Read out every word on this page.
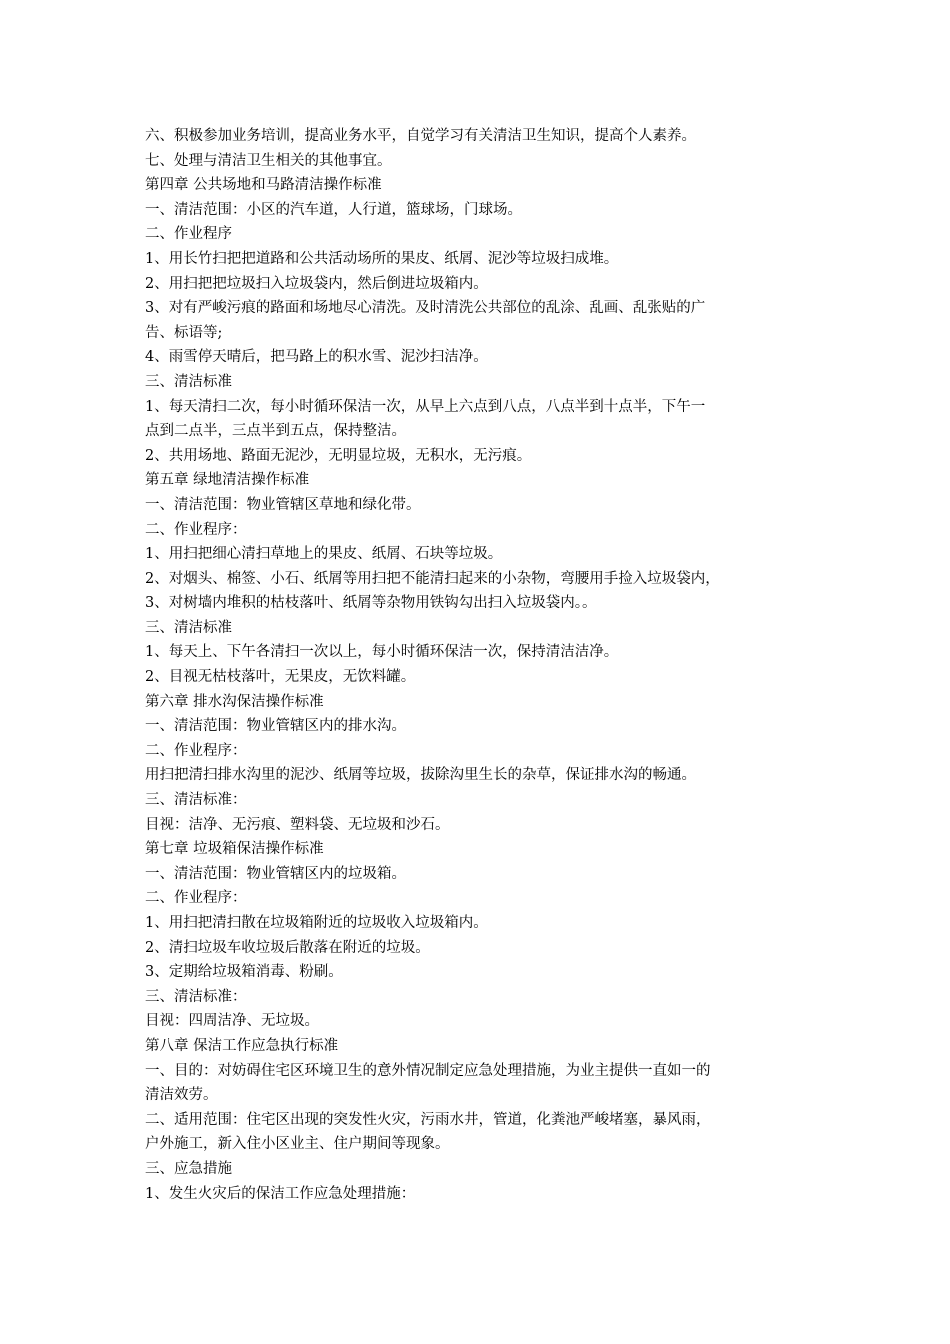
六、积极参加业务培训，提高业务水平，自觉学习有关清洁卫生知识，提高个人素养。
七、处理与清洁卫生相关的其他事宜。
第四章 公共场地和马路清洁操作标准
一、清洁范围：小区的汽车道，人行道，篮球场，门球场。
二、作业程序
1、用长竹扫把把道路和公共活动场所的果皮、纸屑、泥沙等垃圾扫成堆。
2、用扫把把垃圾扫入垃圾袋内，然后倒进垃圾箱内。
3、对有严峻污痕的路面和场地尽心清洗。及时清洗公共部位的乱涂、乱画、乱张贴的广
告、标语等;
4、雨雪停天晴后，把马路上的积水雪、泥沙扫洁净。
三、清洁标准
1、每天清扫二次，每小时循环保洁一次，从早上六点到八点，八点半到十点半，下午一
点到二点半，三点半到五点，保持整洁。
2、共用场地、路面无泥沙，无明显垃圾，无积水，无污痕。
第五章 绿地清洁操作标准
一、清洁范围：物业管辖区草地和绿化带。
二、作业程序：
1、用扫把细心清扫草地上的果皮、纸屑、石块等垃圾。
2、对烟头、棉签、小石、纸屑等用扫把不能清扫起来的小杂物，弯腰用手捡入垃圾袋内，
3、对树墙内堆积的枯枝落叶、纸屑等杂物用铁钩勾出扫入垃圾袋内。。
三、清洁标准
1、每天上、下午各清扫一次以上，每小时循环保洁一次，保持清洁洁净。
2、目视无枯枝落叶，无果皮，无饮料罐。
第六章 排水沟保洁操作标准
一、清洁范围：物业管辖区内的排水沟。
二、作业程序：
用扫把清扫排水沟里的泥沙、纸屑等垃圾，拔除沟里生长的杂草，保证排水沟的畅通。
三、清洁标准：
目视：洁净、无污痕、塑料袋、无垃圾和沙石。
第七章 垃圾箱保洁操作标准
一、清洁范围：物业管辖区内的垃圾箱。
二、作业程序：
1、用扫把清扫散在垃圾箱附近的垃圾收入垃圾箱内。
2、清扫垃圾车收垃圾后散落在附近的垃圾。
3、定期给垃圾箱消毒、粉刷。
三、清洁标准：
目视：四周洁净、无垃圾。
第八章 保洁工作应急执行标准
一、目的：对妨碍住宅区环境卫生的意外情况制定应急处理措施，为业主提供一直如一的
清洁效劳。
二、适用范围：住宅区出现的突发性火灾，污雨水井，管道，化粪池严峻堵塞，暴风雨，
户外施工，新入住小区业主、住户期间等现象。
三、应急措施
1、发生火灾后的保洁工作应急处理措施：
